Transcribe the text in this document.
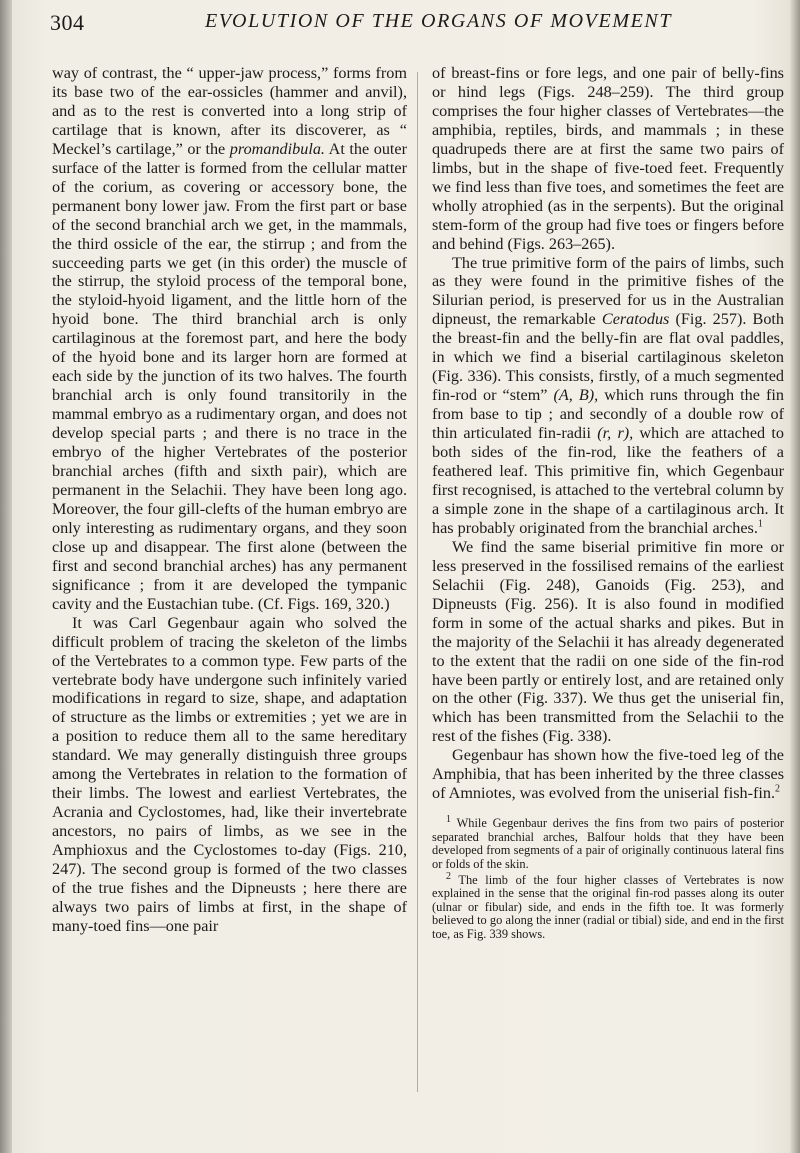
304	EVOLUTION OF THE ORGANS OF MOVEMENT

way of contrast, the “ upper-jaw process,” forms from its base two of the ear-ossicles (hammer and anvil), and as to the rest is converted into a long strip of cartilage that is known, after its discoverer, as “ Meckel’s cartilage,” or the promandibula. At the outer surface of the latter is formed from the cellular matter of the corium, as covering or accessory bone, the permanent bony lower jaw. From the first part or base of the second branchial arch we get, in the mammals, the third ossicle of the ear, the stirrup ; and from the succeeding parts we get (in this order) the muscle of the stirrup, the styloid process of the temporal bone, the styloid-hyoid ligament, and the little horn of the hyoid bone. The third branchial arch is only cartilaginous at the foremost part, and here the body of the hyoid bone and its larger horn are formed at each side by the junction of its two halves. The fourth branchial arch is only found transitorily in the mammal embryo as a rudimentary organ, and does not develop special parts ; and there is no trace in the embryo of the higher Vertebrates of the posterior branchial arches (fifth and sixth pair), which are permanent in the Selachii. They have been long ago. Moreover, the four gill-clefts of the human embryo are only interesting as rudimentary organs, and they soon close up and disappear. The first alone (between the first and second branchial arches) has any permanent significance ; from it are developed the tympanic cavity and the Eustachian tube. (Cf. Figs. 169, 320.)

It was Carl Gegenbaur again who solved the difficult problem of tracing the skeleton of the limbs of the Vertebrates to a common type. Few parts of the vertebrate body have undergone such infinitely varied modifications in regard to size, shape, and adaptation of structure as the limbs or extremities ; yet we are in a position to reduce them all to the same hereditary standard. We may generally distinguish three groups among the Vertebrates in relation to the formation of their limbs. The lowest and earliest Vertebrates, the Acrania and Cyclostomes, had, like their invertebrate ancestors, no pairs of limbs, as we see in the Amphioxus and the Cyclostomes to-day (Figs. 210, 247). The second group is formed of the two classes of the true fishes and the Dipneusts ; here there are always two pairs of limbs at first, in the shape of many-toed fins—one pair

of breast-fins or fore legs, and one pair of belly-fins or hind legs (Figs. 248–259). The third group comprises the four higher classes of Vertebrates—the amphibia, reptiles, birds, and mammals ; in these quadrupeds there are at first the same two pairs of limbs, but in the shape of five-toed feet. Frequently we find less than five toes, and sometimes the feet are wholly atrophied (as in the serpents). But the original stem-form of the group had five toes or fingers before and behind (Figs. 263–265).

The true primitive form of the pairs of limbs, such as they were found in the primitive fishes of the Silurian period, is preserved for us in the Australian dipneust, the remarkable Ceratodus (Fig. 257). Both the breast-fin and the belly-fin are flat oval paddles, in which we find a biserial cartilaginous skeleton (Fig. 336). This consists, firstly, of a much segmented fin-rod or “stem” (A, B), which runs through the fin from base to tip ; and secondly of a double row of thin articulated fin-radii (r, r), which are attached to both sides of the fin-rod, like the feathers of a feathered leaf. This primitive fin, which Gegenbaur first recognised, is attached to the vertebral column by a simple zone in the shape of a cartilaginous arch. It has probably originated from the branchial arches.$^1$

We find the same biserial primitive fin more or less preserved in the fossilised remains of the earliest Selachii (Fig. 248), Ganoids (Fig. 253), and Dipneusts (Fig. 256). It is also found in modified form in some of the actual sharks and pikes. But in the majority of the Selachii it has already degenerated to the extent that the radii on one side of the fin-rod have been partly or entirely lost, and are retained only on the other (Fig. 337). We thus get the uniserial fin, which has been transmitted from the Selachii to the rest of the fishes (Fig. 338).

Gegenbaur has shown how the five-toed leg of the Amphibia, that has been inherited by the three classes of Amniotes, was evolved from the uniserial fish-fin.$^2$

$^1$ While Gegenbaur derives the fins from two pairs of posterior separated branchial arches, Balfour holds that they have been developed from segments of a pair of originally continuous lateral fins or folds of the skin.

$^2$ The limb of the four higher classes of Vertebrates is now explained in the sense that the original fin-rod passes along its outer (ulnar or fibular) side, and ends in the fifth toe. It was formerly believed to go along the inner (radial or tibial) side, and end in the first toe, as Fig. 339 shows.
